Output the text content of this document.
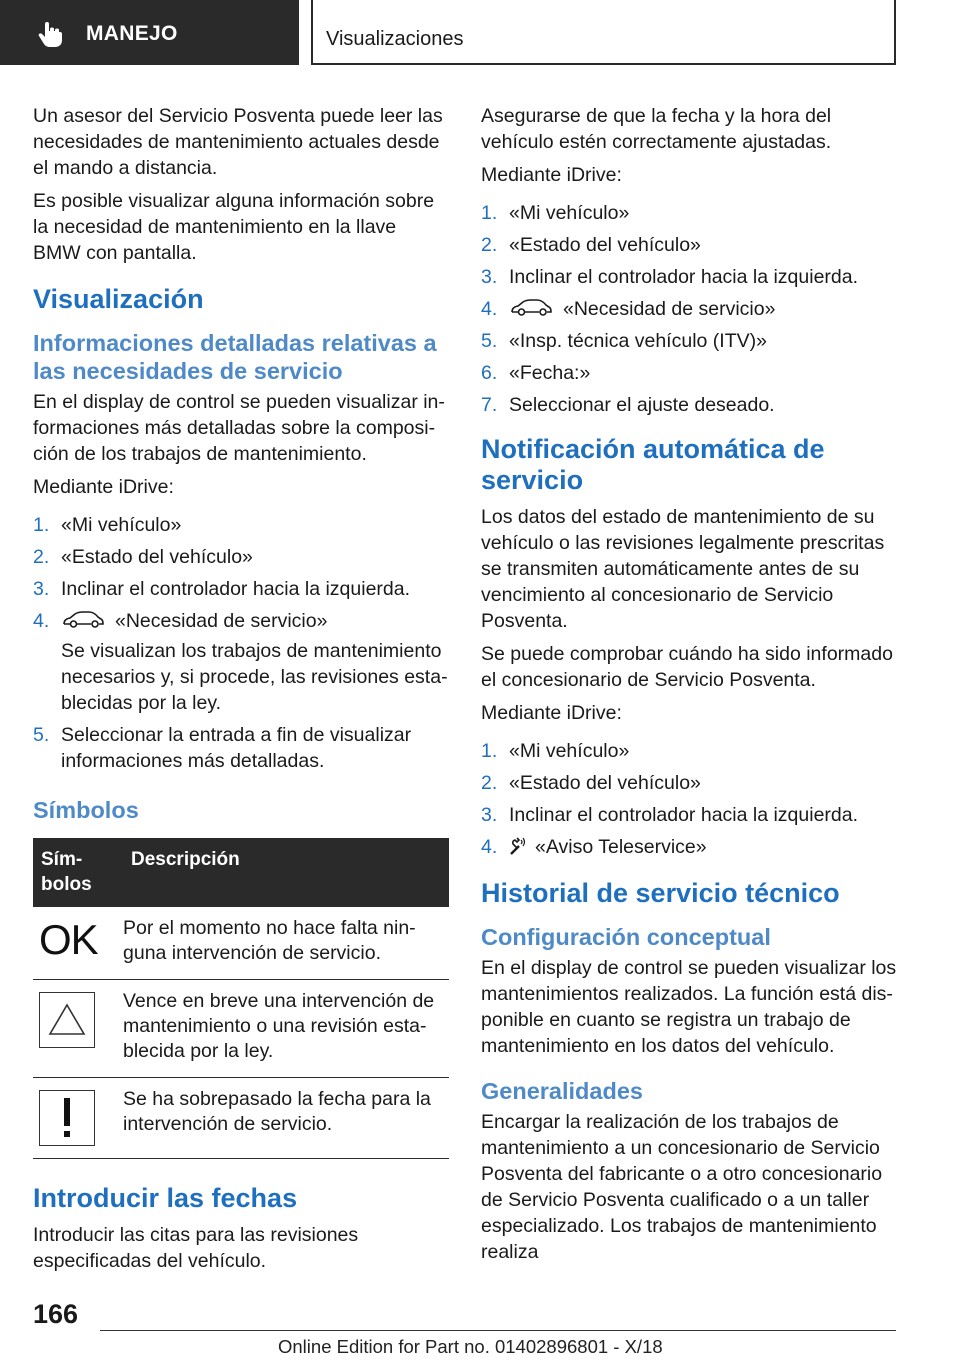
MANEJO	Visualizaciones

Un asesor del Servicio Posventa puede leer las necesidades de mantenimiento actuales desde el mando a distancia.

Es posible visualizar alguna información sobre la necesidad de mantenimiento en la llave BMW con pantalla.

Visualización
Informaciones detalladas relativas a las necesidades de servicio

En el display de control se pueden visualizar informaciones más detalladas sobre la composición de los trabajos de mantenimiento.

Mediante iDrive:

1. «Mi vehículo»
2. «Estado del vehículo»
3. Inclinar el controlador hacia la izquierda.
4.	«Necesidad de servicio»
Se visualizan los trabajos de mantenimiento necesarios y, si procede, las revisiones establecidas por la ley.
5. Seleccionar la entrada a fin de visualizar informaciones más detalladas.
Símbolos
Símbolos	Descripción
OK	Por el momento no hace falta ninguna intervención de servicio.

	Vence en breve una intervención de mantenimiento o una revisión establecida por la ley.

	Se ha sobrepasado la fecha para la intervención de servicio.
Introducir las fechas

Introducir las citas para las revisiones especificadas del vehículo.

Asegurarse de que la fecha y la hora del vehículo estén correctamente ajustadas.

Mediante iDrive:

1. «Mi vehículo»
2. «Estado del vehículo»
3. Inclinar el controlador hacia la izquierda.
4.	«Necesidad de servicio»
5. «Insp. técnica vehículo (ITV)»
6. «Fecha:»
7. Seleccionar el ajuste deseado.
Notificación automática de servicio

Los datos del estado de mantenimiento de su vehículo o las revisiones legalmente prescritas se transmiten automáticamente antes de su vencimiento al concesionario de Servicio Posventa.

Se puede comprobar cuándo ha sido informado el concesionario de Servicio Posventa.

Mediante iDrive:

1. «Mi vehículo»
2. «Estado del vehículo»
3. Inclinar el controlador hacia la izquierda.
4. «Aviso Teleservice»
Historial de servicio técnico
Configuración conceptual

En el display de control se pueden visualizar los mantenimientos realizados. La función está disponible en cuanto se registra un trabajo de mantenimiento en los datos del vehículo.

Generalidades

Encargar la realización de los trabajos de mantenimiento a un concesionario de Servicio Posventa del fabricante o a otro concesionario de Servicio Posventa cualificado o a un taller especializado. Los trabajos de mantenimiento realiza

166
Online Edition for Part no. 01402896801 - X/18
